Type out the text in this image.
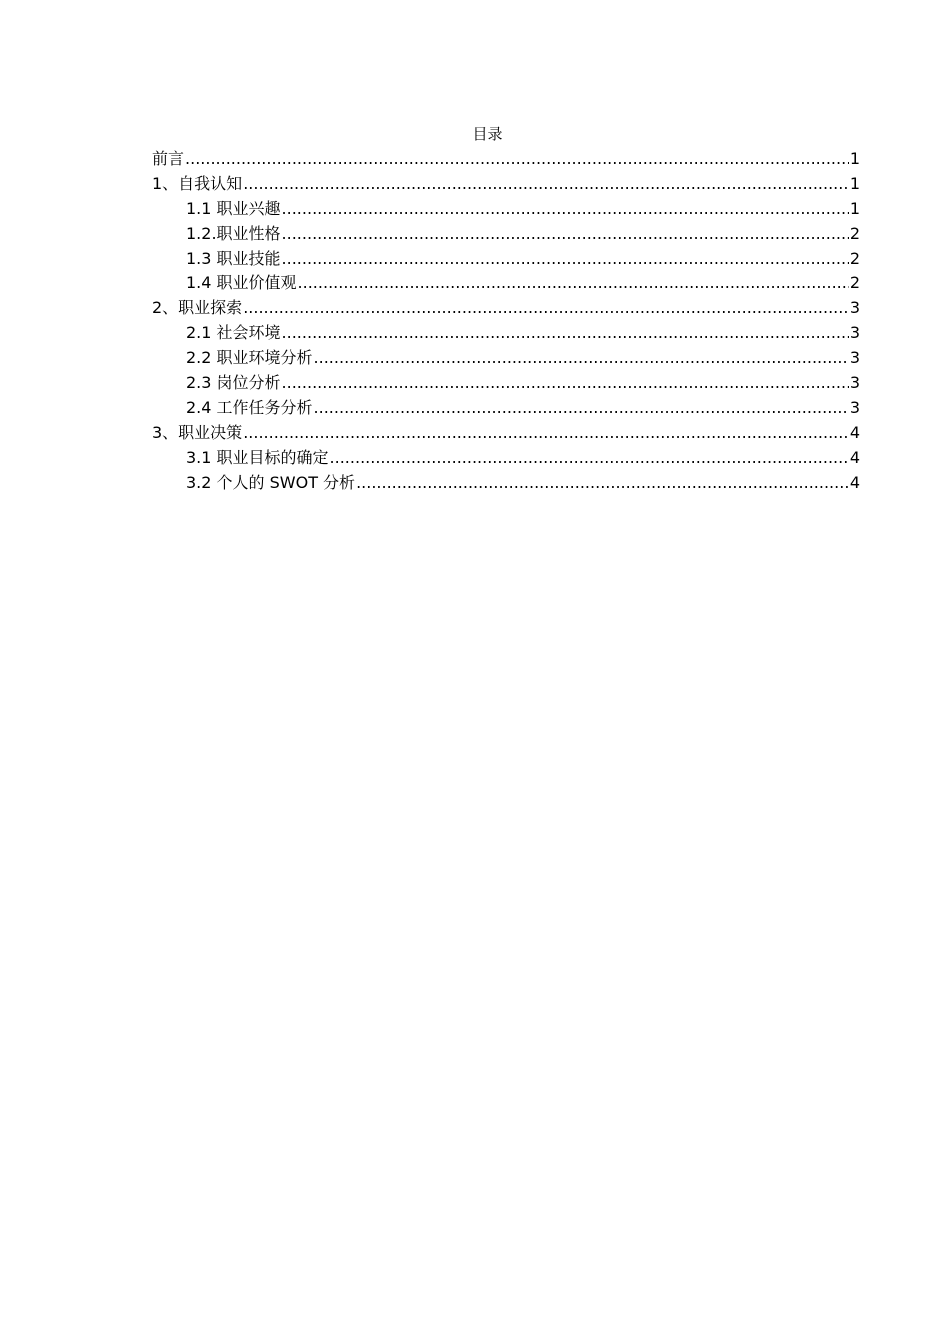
目录
前言 .....	1
1、自我认知 .....	1
1.1 职业兴趣 .....	1
1.2.职业性格 .....	2
1.3 职业技能 .....	2
1.4 职业价值观 .....	2
2、职业探索 .....	3
2.1 社会环境 .....	3
2.2 职业环境分析 .....	3
2.3 岗位分析 .....	3
2.4 工作任务分析 .....	3
3、职业决策 .....	4
3.1 职业目标的确定 .....	4
3.2 个人的 SWOT 分析 .....	4
